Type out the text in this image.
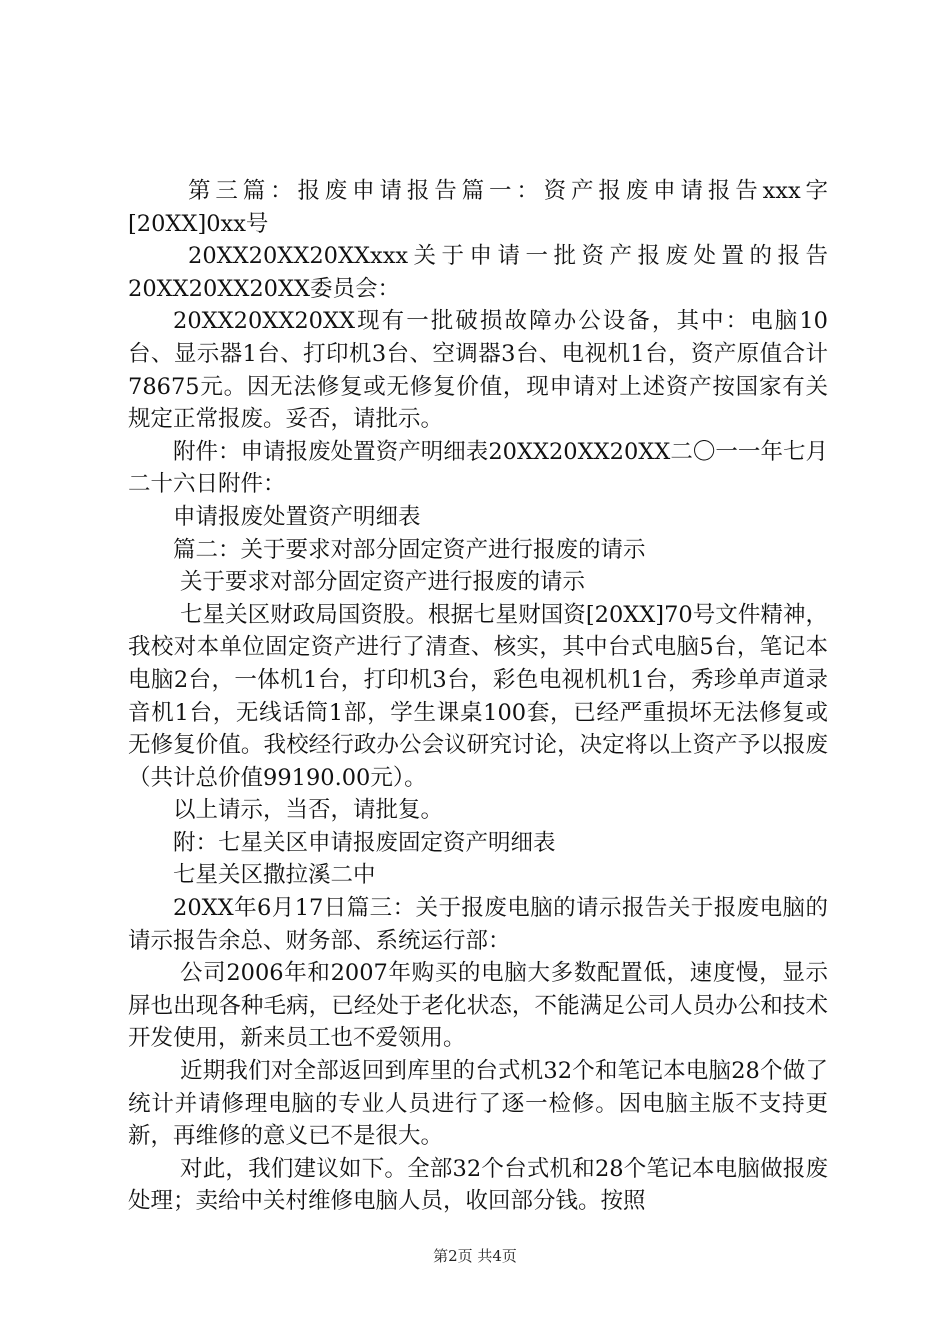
第三篇：报废申请报告篇一：资产报废申请报告xxx字[20XX]0xx号

20XX20XX20XXxxx关于申请一批资产报废处置的报告20XX20XX20XX委员会：

20XX20XX20XX现有一批破损故障办公设备，其中：电脑10台、显示器1台、打印机3台、空调器3台、电视机1台，资产原值合计78675元。因无法修复或无修复价值，现申请对上述资产按国家有关规定正常报废。妥否，请批示。

附件：申请报废处置资产明细表20XX20XX20XX二〇一一年七月二十六日附件：

申请报废处置资产明细表

篇二：关于要求对部分固定资产进行报废的请示

关于要求对部分固定资产进行报废的请示

七星关区财政局国资股。根据七星财国资[20XX]70号文件精神，我校对本单位固定资产进行了清查、核实，其中台式电脑5台，笔记本电脑2台，一体机1台，打印机3台，彩色电视机机1台，秀珍单声道录音机1台，无线话筒1部，学生课桌100套，已经严重损坏无法修复或无修复价值。我校经行政办公会议研究讨论，决定将以上资产予以报废（共计总价值99190.00元）。

以上请示，当否，请批复。

附：七星关区申请报废固定资产明细表

七星关区撒拉溪二中

20XX年6月17日篇三：关于报废电脑的请示报告关于报废电脑的请示报告余总、财务部、系统运行部：

公司2006年和2007年购买的电脑大多数配置低，速度慢，显示屏也出现各种毛病，已经处于老化状态，不能满足公司人员办公和技术开发使用，新来员工也不爱领用。

近期我们对全部返回到库里的台式机32个和笔记本电脑28个做了统计并请修理电脑的专业人员进行了逐一检修。因电脑主版不支持更新，再维修的意义已不是很大。

对此，我们建议如下。全部32个台式机和28个笔记本电脑做报废处理；卖给中关村维修电脑人员，收回部分钱。按照

第2页 共4页
